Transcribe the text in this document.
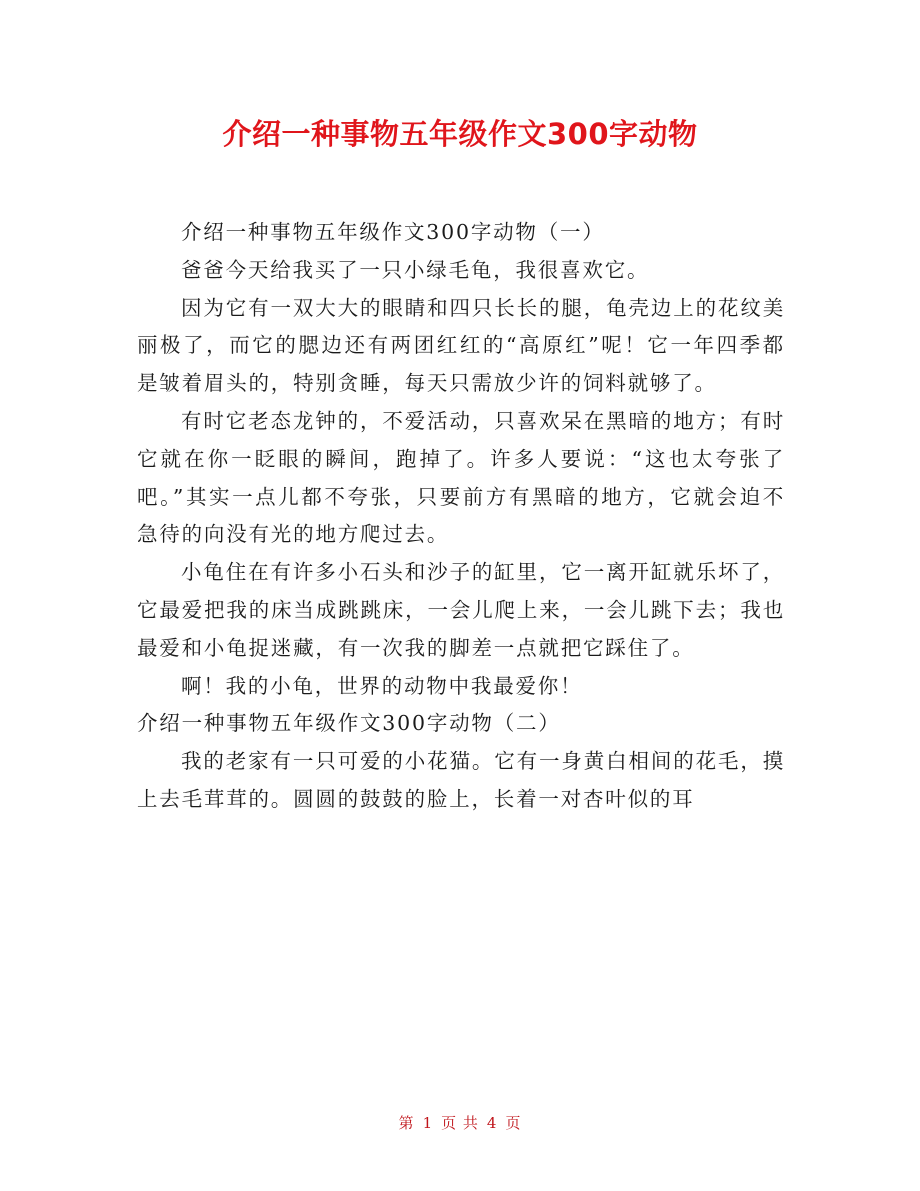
介绍一种事物五年级作文300字动物

介绍一种事物五年级作文300字动物（一）

爸爸今天给我买了一只小绿毛龟，我很喜欢它。

因为它有一双大大的眼睛和四只长长的腿，龟壳边上的花纹美丽极了，而它的腮边还有两团红红的“高原红”呢！它一年四季都是皱着眉头的，特别贪睡，每天只需放少许的饲料就够了。

有时它老态龙钟的，不爱活动，只喜欢呆在黑暗的地方；有时它就在你一眨眼的瞬间，跑掉了。许多人要说：“这也太夸张了吧。”其实一点儿都不夸张，只要前方有黑暗的地方，它就会迫不急待的向没有光的地方爬过去。

小龟住在有许多小石头和沙子的缸里，它一离开缸就乐坏了，它最爱把我的床当成跳跳床，一会儿爬上来，一会儿跳下去；我也最爱和小龟捉迷藏，有一次我的脚差一点就把它踩住了。

啊！我的小龟，世界的动物中我最爱你！

介绍一种事物五年级作文300字动物（二）

我的老家有一只可爱的小花猫。它有一身黄白相间的花毛，摸上去毛茸茸的。圆圆的鼓鼓的脸上，长着一对杏叶似的耳

第 1 页 共 4 页
